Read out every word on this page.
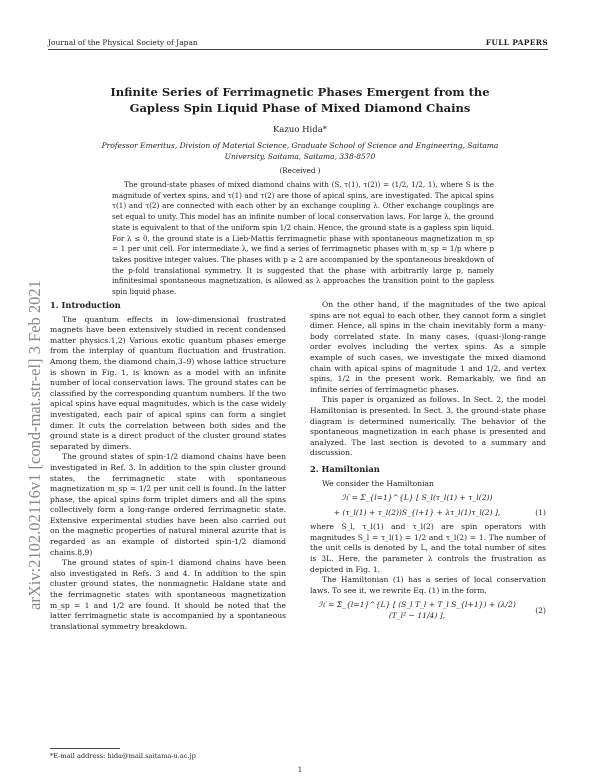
Journal of the Physical Society of Japan	FULL PAPERS
Infinite Series of Ferrimagnetic Phases Emergent from the Gapless Spin Liquid Phase of Mixed Diamond Chains
Kazuo Hida*
Professor Emeritus, Division of Material Science, Graduate School of Science and Engineering, Saitama University, Saitama, Saitama, 338-8570
(Received )
The ground-state phases of mixed diamond chains with (S, τ(1), τ(2)) = (1/2, 1/2, 1), where S is the magnitude of vertex spins, and τ(1) and τ(2) are those of apical spins, are investigated. The apical spins τ(1) and τ(2) are connected with each other by an exchange coupling λ. Other exchange couplings are set equal to unity. This model has an infinite number of local conservation laws. For large λ, the ground state is equivalent to that of the uniform spin 1/2 chain. Hence, the ground state is a gapless spin liquid. For λ ≤ 0, the ground state is a Lieb-Mattis ferrimagnetic phase with spontaneous magnetization m_sp = 1 per unit cell. For intermediate λ, we find a series of ferrimagnetic phases with m_sp = 1/p where p takes positive integer values. The phases with p ≥ 2 are accompanied by the spontaneous breakdown of the p-fold translational symmetry. It is suggested that the phase with arbitrarily large p, namely infinitesimal spontaneous magnetization, is allowed as λ approaches the transition point to the gapless spin liquid phase.
arXiv:2102.02116v1 [cond-mat.str-el] 3 Feb 2021 1. Introduction

The quantum effects in low-dimensional frustrated magnets have been extensively studied in recent condensed matter physics.1,2) Various exotic quantum phases emerge from the interplay of quantum fluctuation and frustration. Among them, the diamond chain,3–9) whose lattice structure is shown in Fig. 1, is known as a model with an infinite number of local conservation laws. The ground states can be classified by the corresponding quantum numbers. If the two apical spins have equal magnitudes, which is the case widely investigated, each pair of apical spins can form a singlet dimer. It cuts the correlation between both sides and the ground state is a direct product of the cluster ground states separated by dimers.

The ground states of spin-1/2 diamond chains have been investigated in Ref. 3. In addition to the spin cluster ground states, the ferrimagnetic state with spontaneous magnetization m_sp = 1/2 per unit cell is found. In the latter phase, the apical spins form triplet dimers and all the spins collectively form a long-range ordered ferrimagnetic state. Extensive experimental studies have been also carried out on the magnetic properties of natural mineral azurite that is regarded as an example of distorted spin-1/2 diamond chains.8,9)

The ground states of spin-1 diamond chains have been also investigated in Refs. 3 and 4. In addition to the spin cluster ground states, the nonmagnetic Haldane state and the ferrimagnetic states with spontaneous magnetization m_sp = 1 and 1/2 are found. It should be noted that the latter ferrimagnetic state is accompanied by a spontaneous translational symmetry breakdown.

On the other hand, if the magnitudes of the two apical spins are not equal to each other, they cannot form a singlet dimer. Hence, all spins in the chain inevitably form a many-body correlated state. In many cases, (quasi-)long-range order evolves including the vertex spins. As a simple example of such cases, we investigate the mixed diamond chain with apical spins of magnitude 1 and 1/2, and vertex spins, 1/2 in the present work. Remarkably, we find an infinite series of ferrimagnetic phases.

This paper is organized as follows. In Sect. 2, the model Hamiltonian is presented. In Sect. 3, the ground-state phase diagram is determined numerically. The behavior of the spontaneous magnetization in each phase is presented and analyzed. The last section is devoted to a summary and discussion.

2. Hamiltonian

We consider the Hamiltonian

ℋ = Σ_{l=1}^{L} [ S_l(τ_l(1) + τ_l(2))
+ (τ_l(1) + τ_l(2))S_{l+1} + λτ_l(1)τ_l(2) ],	(1)

where S_l, τ_l(1) and τ_l(2) are spin operators with magnitudes S_l = τ_l(1) = 1/2 and τ_l(2) = 1. The number of the unit cells is denoted by L, and the total number of sites is 3L. Here, the parameter λ controls the frustration as depicted in Fig. 1.

The Hamiltonian (1) has a series of local conservation laws. To see it, we rewrite Eq. (1) in the form,

ℋ = Σ_{l=1}^{L} [ (S_l T_l + T_l S_{l+1}) + (λ/2)(T_l² − 11/4) ],
(2)
*E-mail address: hida@mail.saitama-u.ac.jp
1
